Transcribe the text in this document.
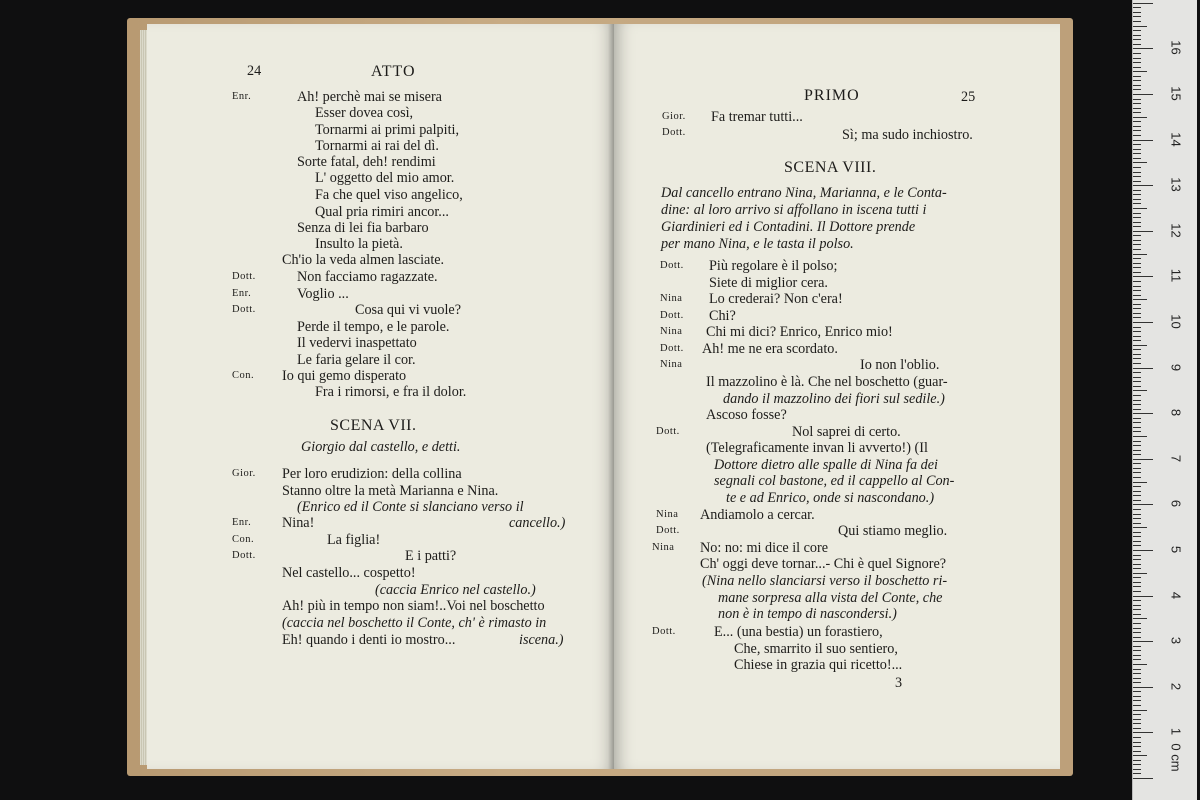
24	ATTO
Enr.	Ah! perchè mai se misera
Esser dovea così,
Tornarmi ai primi palpiti,
Tornarmi ai rai del dì.
Sorte fatal, deh! rendimi
L' oggetto del mio amor.
Fa che quel viso angelico,
Qual pria rimiri ancor...
Senza di lei fia barbaro
Insulto la pietà.
Ch'io la veda almen lasciate.
Dott.	Non facciamo ragazzate.
Enr.	Voglio ...
Dott.	Cosa qui vi vuole?
Perde il tempo, e le parole.
Il vedervi inaspettato
Le faria gelare il cor.
Con. Io qui gemo disperato
Fra i rimorsi, e fra il dolor.
SCENA VII.
Giorgio dal castello, e detti.
Gior. Per loro erudizion: della collina
Stanno oltre la metà Marianna e Nina.
(Enrico ed il Conte si slanciano verso il
Enr. Nina!	cancello.)
Con.	La figlia!
Dott.	E i patti?
Nel castello... cospetto!
(caccia Enrico nel castello.)
Ah! più in tempo non siam!..Voi nel boschetto
(caccia nel boschetto il Conte, ch' è rimasto in
Eh! quando i denti io mostro...	iscena.)
PRIMO	25
Gior. Fa tremar tutti...
Dott.	Sì; ma sudo inchiostro.
SCENA VIII.
Dal cancello entrano Nina, Marianna, e le Conta-
dine: al loro arrivo si affollano in iscena tutti i
Giardinieri ed i Contadini. Il Dottore prende
per mano Nina, e le tasta il polso.
Dott. Più regolare è il polso;
Siete di miglior cera.
Nina Lo crederai? Non c'era!
Dott. Chi?
Nina Chi mi dici? Enrico, Enrico mio!
Dott. Ah! me ne era scordato.
Nina	Io non l'oblio.
Il mazzolino è là. Che nel boschetto (guar-
dando il mazzolino dei fiori sul sedile.)
Ascoso fosse?
Dott.	Nol saprei di certo.
(Telegraficamente invan li avverto!) (Il
Dottore dietro alle spalle di Nina fa dei
segnali col bastone, ed il cappello al Con-
te e ad Enrico, onde si nascondano.)
Nina Andiamolo a cercar.
Dott.	Qui stiamo meglio.
Nina No: no: mi dice il core
Ch' oggi deve tornar...- Chi è quel Signore?
(Nina nello slanciarsi verso il boschetto ri-
mane sorpresa alla vista del Conte, che
non è in tempo di nascondersi.)
Dott.	E... (una bestia) un forastiero,
Che, smarrito il suo sentiero,
Chiese in grazia qui ricetto!...
3
0 cm
1
2
3
4
5
6
7
8
9
10
11
12
13
14
15
16
